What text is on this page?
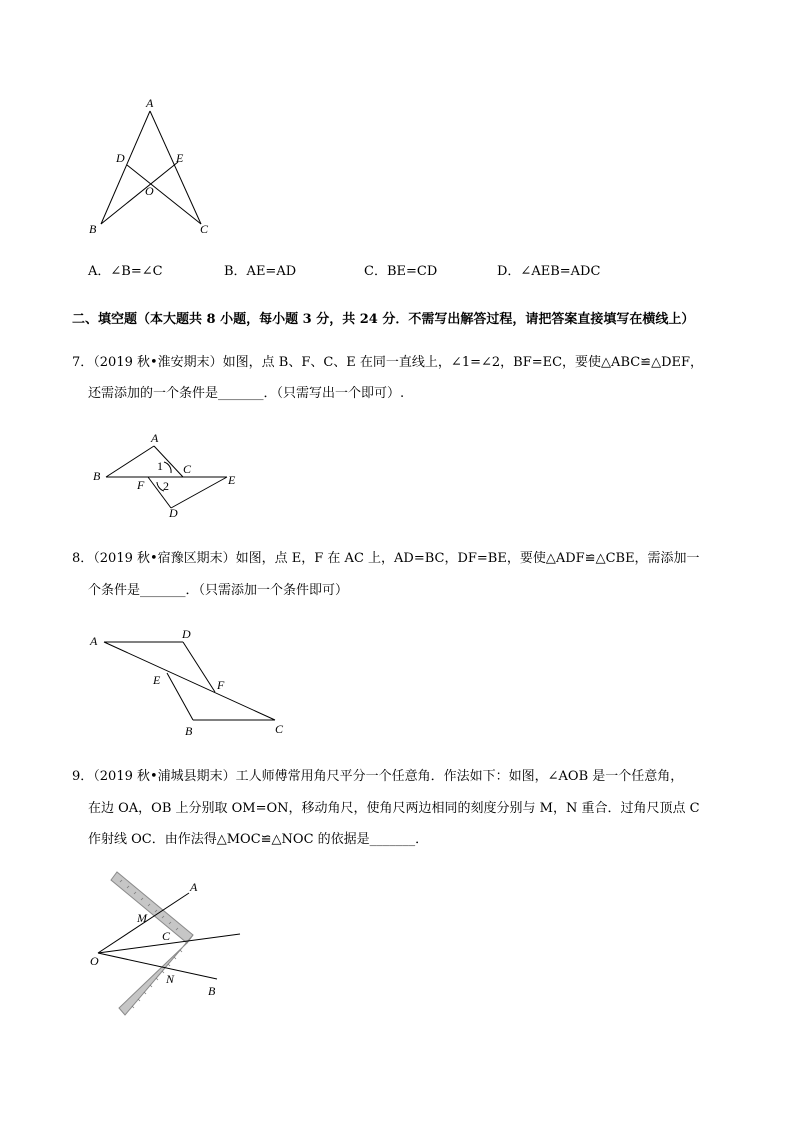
A
D	E
O
B	C
A．∠B=∠C	B．AE=AD	C．BE=CD	D．∠AEB=ADC
二、填空题（本大题共 8 小题，每小题 3 分，共 24 分．不需写出解答过程，请把答案直接填写在横线上）
7．（2019 秋•淮安期末）如图，点 B、F、C、E 在同一直线上，∠1=∠2，BF=EC，要使△ABC≌△DEF，
还需添加的一个条件是_______．（只需写出一个即可）.
A
B
1 C
F 2	E
D
8．（2019 秋•宿豫区期末）如图，点 E，F 在 AC 上，AD=BC，DF=BE，要使△ADF≌△CBE，需添加一
个条件是_______．（只需添加一个条件即可）
A	D
E	F
B	C
9．（2019 秋•浦城县期末）工人师傅常用角尺平分一个任意角．作法如下：如图，∠AOB 是一个任意角，
在边 OA，OB 上分别取 OM=ON，移动角尺，使角尺两边相同的刻度分别与 M，N 重合．过角尺顶点 C
作射线 OC．由作法得△MOC≌△NOC 的依据是_______．
A
M
C
O
N
B
